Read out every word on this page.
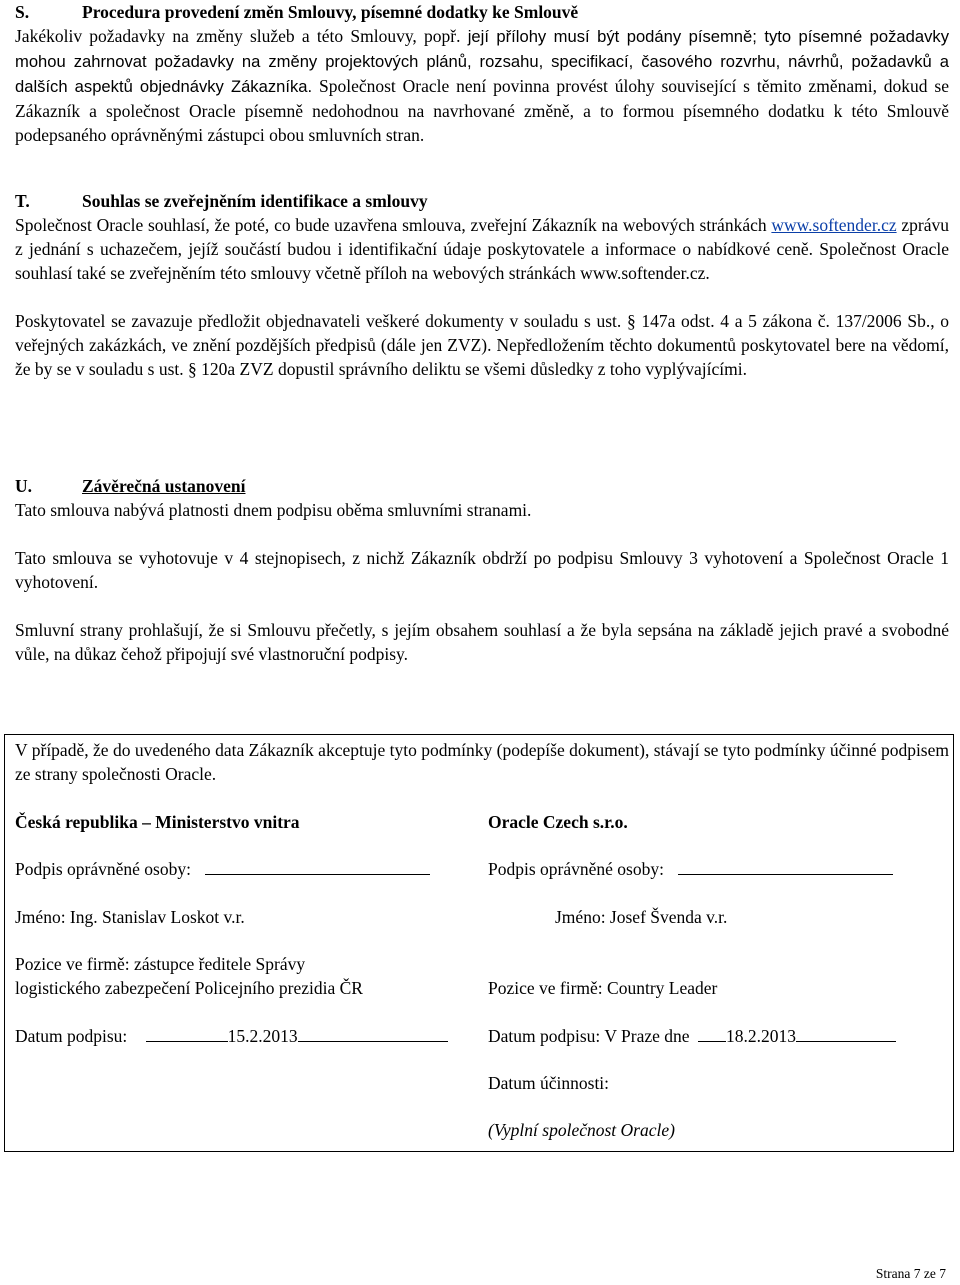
S.	Procedura provedení změn Smlouvy, písemné dodatky ke Smlouvě

Jakékoliv požadavky na změny služeb a této Smlouvy, popř. její přílohy musí být podány písemně; tyto písemné požadavky mohou zahrnovat požadavky na změny projektových plánů, rozsahu, specifikací, časového rozvrhu, návrhů, požadavků a dalších aspektů objednávky Zákazníka. Společnost Oracle není povinna provést úlohy související s těmito změnami, dokud se Zákazník a společnost Oracle písemně nedohodnou na navrhované změně, a to formou písemného dodatku k této Smlouvě podepsaného oprávněnými zástupci obou smluvních stran.

T.	Souhlas se zveřejněním identifikace a smlouvy

Společnost Oracle souhlasí, že poté, co bude uzavřena smlouva, zveřejní Zákazník na webových stránkách www.softender.cz zprávu z jednání s uchazečem, jejíž součástí budou i identifikační údaje poskytovatele a informace o nabídkové ceně. Společnost Oracle souhlasí také se zveřejněním této smlouvy včetně příloh na webových stránkách www.softender.cz.

Poskytovatel se zavazuje předložit objednavateli veškeré dokumenty v souladu s ust. § 147a odst. 4 a 5 zákona č. 137/2006 Sb., o veřejných zakázkách, ve znění pozdějších předpisů (dále jen ZVZ). Nepředložením těchto dokumentů poskytovatel bere na vědomí, že by se v souladu s ust. § 120a ZVZ dopustil správního deliktu se všemi důsledky z toho vyplývajícími.

U.	Závěrečná ustanovení

Tato smlouva nabývá platnosti dnem podpisu oběma smluvními stranami.

Tato smlouva se vyhotovuje v 4 stejnopisech, z nichž Zákazník obdrží po podpisu Smlouvy 3 vyhotovení a Společnost Oracle 1 vyhotovení.

Smluvní strany prohlašují, že si Smlouvu přečetly, s jejím obsahem souhlasí a že byla sepsána na základě jejich pravé a svobodné vůle, na důkaz čehož připojují své vlastnoruční podpisy.

V případě, že do uvedeného data Zákazník akceptuje tyto podmínky (podepíše dokument), stávají se tyto podmínky účinné podpisem ze strany společnosti Oracle.

Česká republika – Ministerstvo vnitra
Podpis oprávněné osoby:
Jméno: Ing. Stanislav Loskot v.r.
Pozice ve firmě: zástupce ředitele Správy
logistického zabezpečení Policejního prezidia ČR
Datum podpisu:	15.2.2013
Oracle Czech s.r.o.
Podpis oprávněné osoby:
Jméno: Josef Švenda v.r.
Pozice ve firmě: Country Leader
Datum podpisu: V Praze dne 18.2.2013
Datum účinnosti:
(Vyplní společnost Oracle)
Strana 7 ze 7
